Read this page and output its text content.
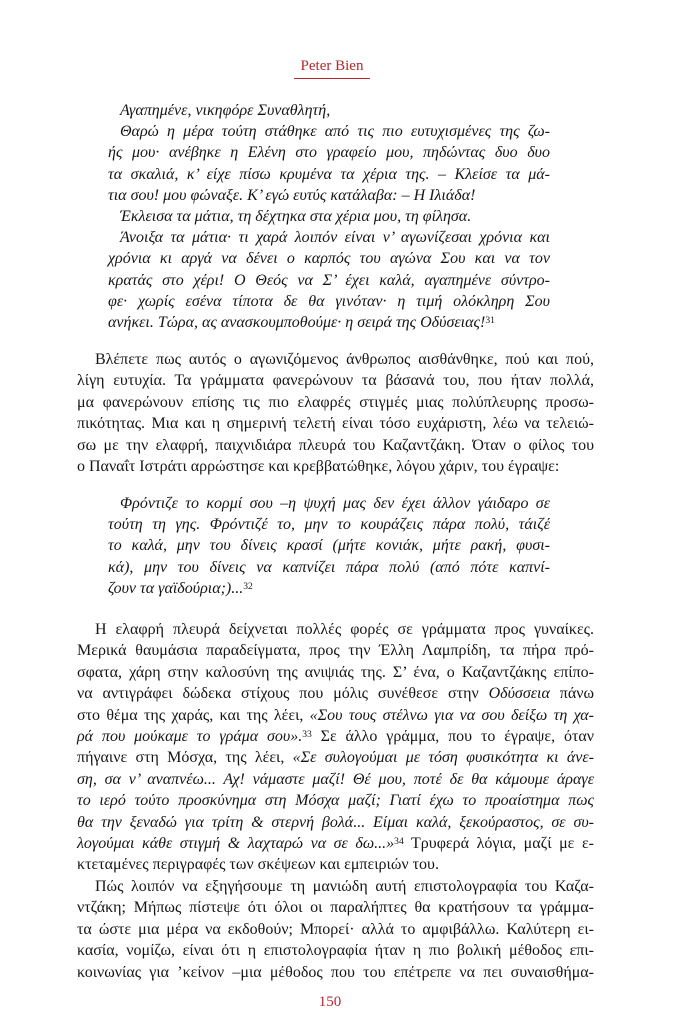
Peter Bien
Αγαπημένε, νικηφόρε Συναθλητή,
Θαρώ η μέρα τούτη στάθηκε από τις πιο ευτυχισμένες της ζω-
ής μου· ανέβηκε η Ελένη στο γραφείο μου, πηδώντας δυο δυο
τα σκαλιά, κ’ είχε πίσω κρυμένα τα χέρια της. – Κλείσε τα μά-
τια σου! μου φώναξε. Κ’ εγώ ευτύς κατάλαβα: – Η Ιλιάδα!
Έκλεισα τα μάτια, τη δέχτηκα στα χέρια μου, τη φίλησα.
Άνοιξα τα μάτια· τι χαρά λοιπόν είναι ν’ αγωνίζεσαι χρόνια και
χρόνια κι αργά να δένει ο καρπός του αγώνα Σου και να τον
κρατάς στο χέρι! Ο Θεός να Σ’ έχει καλά, αγαπημένε σύντρο-
φε· χωρίς εσένα τίποτα δε θα γινόταν· η τιμή ολόκληρη Σου
ανήκει. Τώρα, ας ανασκουμποθούμε· η σειρά της Οδύσειας!$^{31}$
Βλέπετε πως αυτός ο αγωνιζόμενος άνθρωπος αισθάνθηκε, πού και πού,
λίγη ευτυχία. Τα γράμματα φανερώνουν τα βάσανά του, που ήταν πολλά,
μα φανερώνουν επίσης τις πιο ελαφρές στιγμές μιας πολύπλευρης προσω-
πικότητας. Μια και η σημερινή τελετή είναι τόσο ευχάριστη, λέω να τελειώ-
σω με την ελαφρή, παιχνιδιάρα πλευρά του Καζαντζάκη. Όταν ο φίλος του
ο Παναΐτ Ιστράτι αρρώστησε και κρεββατώθηκε, λόγου χάριν, του έγραψε:
Φρόντιζε το κορμί σου –η ψυχή μας δεν έχει άλλον γάιδαρο σε
τούτη τη γης. Φρόντιζέ το, μην το κουράζεις πάρα πολύ, τάιζέ
το καλά, μην του δίνεις κρασί (μήτε κονιάκ, μήτε ρακή, φυσι-
κά), μην του δίνεις να καπνίζει πάρα πολύ (από πότε καπνί-
ζουν τα γαϊδούρια;)...$^{32}$
Η ελαφρή πλευρά δείχνεται πολλές φορές σε γράμματα προς γυναίκες.
Μερικά θαυμάσια παραδείγματα, προς την Έλλη Λαμπρίδη, τα πήρα πρό-
σφατα, χάρη στην καλοσύνη της ανιψιάς της. Σ’ ένα, ο Καζαντζάκης επίπο-
να αντιγράφει δώδεκα στίχους που μόλις συνέθεσε στην Οδύσσεια πάνω
στο θέμα της χαράς, και της λέει, «Σου τους στέλνω για να σου δείξω τη χα-
ρά που μούκαμε το γράμα σου».$^{33}$ Σε άλλο γράμμα, που το έγραψε, όταν
πήγαινε στη Μόσχα, της λέει, «Σε συλογούμαι με τόση φυσικότητα κι άνε-
ση, σα ν’ αναπνέω... Αχ! νάμαστε μαζί! Θέ μου, ποτέ δε θα κάμουμε άραγε
το ιερό τούτο προσκύνημα στη Μόσχα μαζί; Γιατί έχω το προαίστημα πως
θα την ξεναδώ για τρίτη & στερνή βολά... Είμαι καλά, ξεκούραστος, σε συ-
λογούμαι κάθε στιγμή & λαχταρώ να σε δω...»$^{34}$ Τρυφερά λόγια, μαζί με ε-
κτεταμένες περιγραφές των σκέψεων και εμπειριών του.
Πώς λοιπόν να εξηγήσουμε τη μανιώδη αυτή επιστολογραφία του Καζα-
ντζάκη; Μήπως πίστεψε ότι όλοι οι παραλήπτες θα κρατήσουν τα γράμμα-
τα ώστε μια μέρα να εκδοθούν; Μπορεί· αλλά το αμφιβάλλω. Καλύτερη ει-
κασία, νομίζω, είναι ότι η επιστολογραφία ήταν η πιο βολική μέθοδος επι-
κοινωνίας για ’κείνον –μια μέθοδος που του επέτρεπε να πει συναισθήμα-
150
